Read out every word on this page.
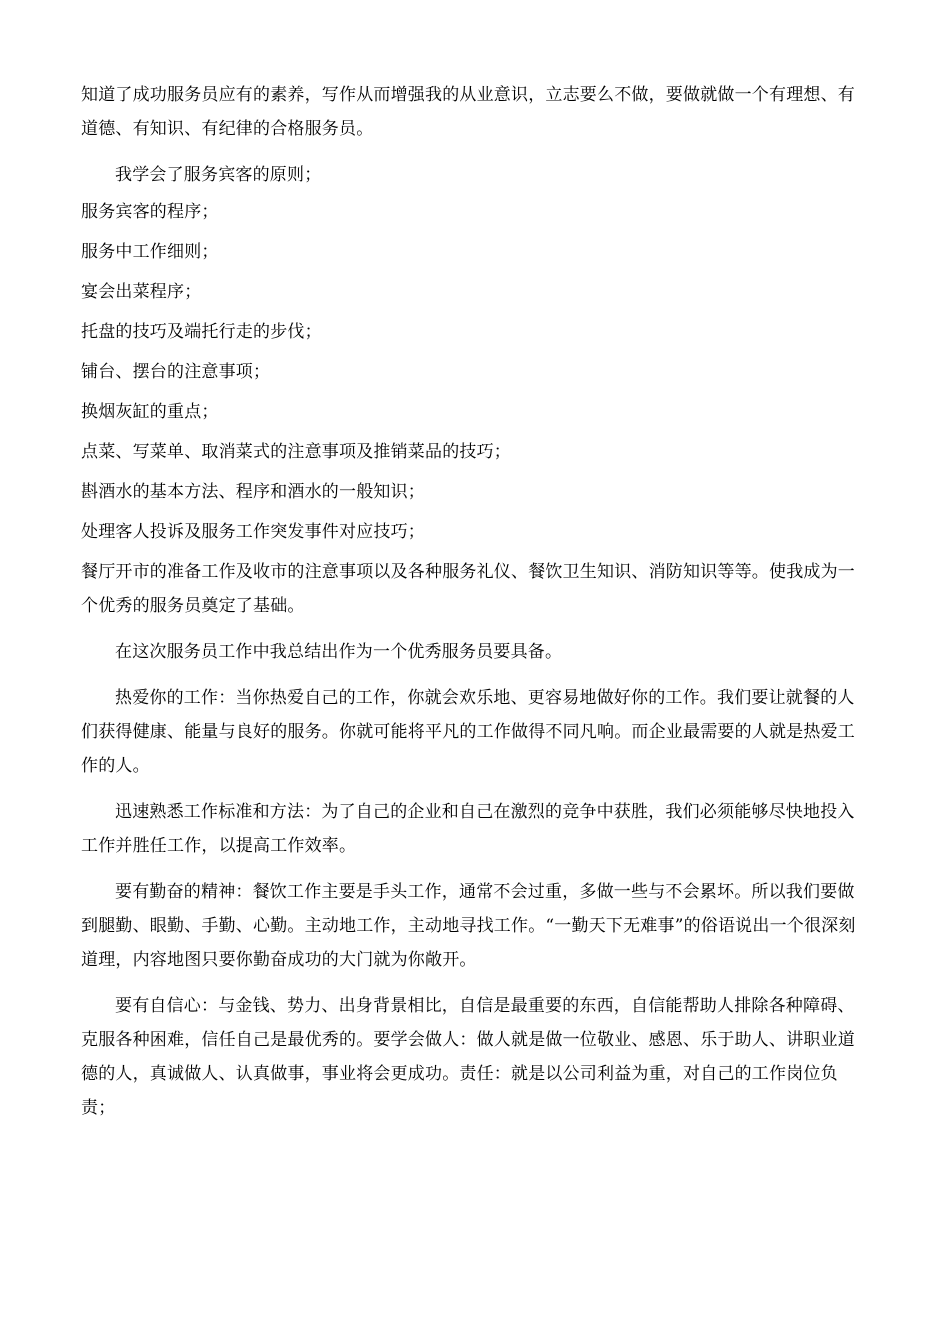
知道了成功服务员应有的素养，写作从而增强我的从业意识，立志要么不做，要做就做一个有理想、有道德、有知识、有纪律的合格服务员。

我学会了服务宾客的原则；

服务宾客的程序；

服务中工作细则；

宴会出菜程序；

托盘的技巧及端托行走的步伐；

铺台、摆台的注意事项；

换烟灰缸的重点；

点菜、写菜单、取消菜式的注意事项及推销菜品的技巧；

斟酒水的基本方法、程序和酒水的一般知识；

处理客人投诉及服务工作突发事件对应技巧；

餐厅开市的准备工作及收市的注意事项以及各种服务礼仪、餐饮卫生知识、消防知识等等。使我成为一个优秀的服务员奠定了基础。

在这次服务员工作中我总结出作为一个优秀服务员要具备。

热爱你的工作：当你热爱自己的工作，你就会欢乐地、更容易地做好你的工作。我们要让就餐的人们获得健康、能量与良好的服务。你就可能将平凡的工作做得不同凡响。而企业最需要的人就是热爱工作的人。

迅速熟悉工作标准和方法：为了自己的企业和自己在激烈的竞争中获胜，我们必须能够尽快地投入工作并胜任工作，以提高工作效率。

要有勤奋的精神：餐饮工作主要是手头工作，通常不会过重，多做一些与不会累坏。所以我们要做到腿勤、眼勤、手勤、心勤。主动地工作，主动地寻找工作。“一勤天下无难事”的俗语说出一个很深刻道理，内容地图只要你勤奋成功的大门就为你敞开。

要有自信心：与金钱、势力、出身背景相比，自信是最重要的东西，自信能帮助人排除各种障碍、克服各种困难，信任自己是最优秀的。要学会做人：做人就是做一位敬业、感恩、乐于助人、讲职业道德的人，真诚做人、认真做事，事业将会更成功。责任：就是以公司利益为重，对自己的工作岗位负责；
